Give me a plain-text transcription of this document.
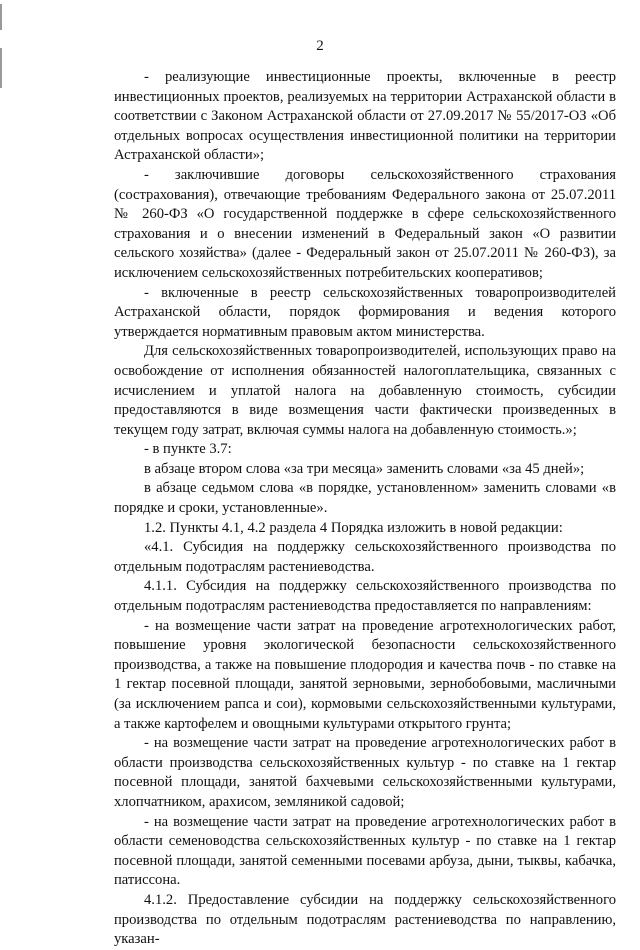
2

- реализующие инвестиционные проекты, включенные в реестр инвестиционных проектов, реализуемых на территории Астраханской области в соответствии с Законом Астраханской области от 27.09.2017 № 55/2017-ОЗ «Об отдельных вопросах осуществления инвестиционной политики на территории Астраханской области»;

- заключившие договоры сельскохозяйственного страхования (сострахования), отвечающие требованиям Федерального закона от 25.07.2011 № 260-ФЗ «О государственной поддержке в сфере сельскохозяйственного страхования и о внесении изменений в Федеральный закон «О развитии сельского хозяйства» (далее - Федеральный закон от 25.07.2011 № 260-ФЗ), за исключением сельскохозяйственных потребительских кооперативов;

- включенные в реестр сельскохозяйственных товаропроизводителей Астраханской области, порядок формирования и ведения которого утверждается нормативным правовым актом министерства.

Для сельскохозяйственных товаропроизводителей, использующих право на освобождение от исполнения обязанностей налогоплательщика, связанных с исчислением и уплатой налога на добавленную стоимость, субсидии предоставляются в виде возмещения части фактически произведенных в текущем году затрат, включая суммы налога на добавленную стоимость.»;

- в пункте 3.7:

в абзаце втором слова «за три месяца» заменить словами «за 45 дней»;

в абзаце седьмом слова «в порядке, установленном» заменить словами «в порядке и сроки, установленные».

1.2. Пункты 4.1, 4.2 раздела 4 Порядка изложить в новой редакции:

«4.1. Субсидия на поддержку сельскохозяйственного производства по отдельным подотраслям растениеводства.

4.1.1. Субсидия на поддержку сельскохозяйственного производства по отдельным подотраслям растениеводства предоставляется по направлениям:

- на возмещение части затрат на проведение агротехнологических работ, повышение уровня экологической безопасности сельскохозяйственного производства, а также на повышение плодородия и качества почв - по ставке на 1 гектар посевной площади, занятой зерновыми, зернобобовыми, масличными (за исключением рапса и сои), кормовыми сельскохозяйственными культурами, а также картофелем и овощными культурами открытого грунта;

- на возмещение части затрат на проведение агротехнологических работ в области производства сельскохозяйственных культур - по ставке на 1 гектар посевной площади, занятой бахчевыми сельскохозяйственными культурами, хлопчатником, арахисом, земляникой садовой;

- на возмещение части затрат на проведение агротехнологических работ в области семеноводства сельскохозяйственных культур - по ставке на 1 гектар посевной площади, занятой семенными посевами арбуза, дыни, тыквы, кабачка, патиссона.

4.1.2. Предоставление субсидии на поддержку сельскохозяйственного производства по отдельным подотраслям растениеводства по направлению, указан-
